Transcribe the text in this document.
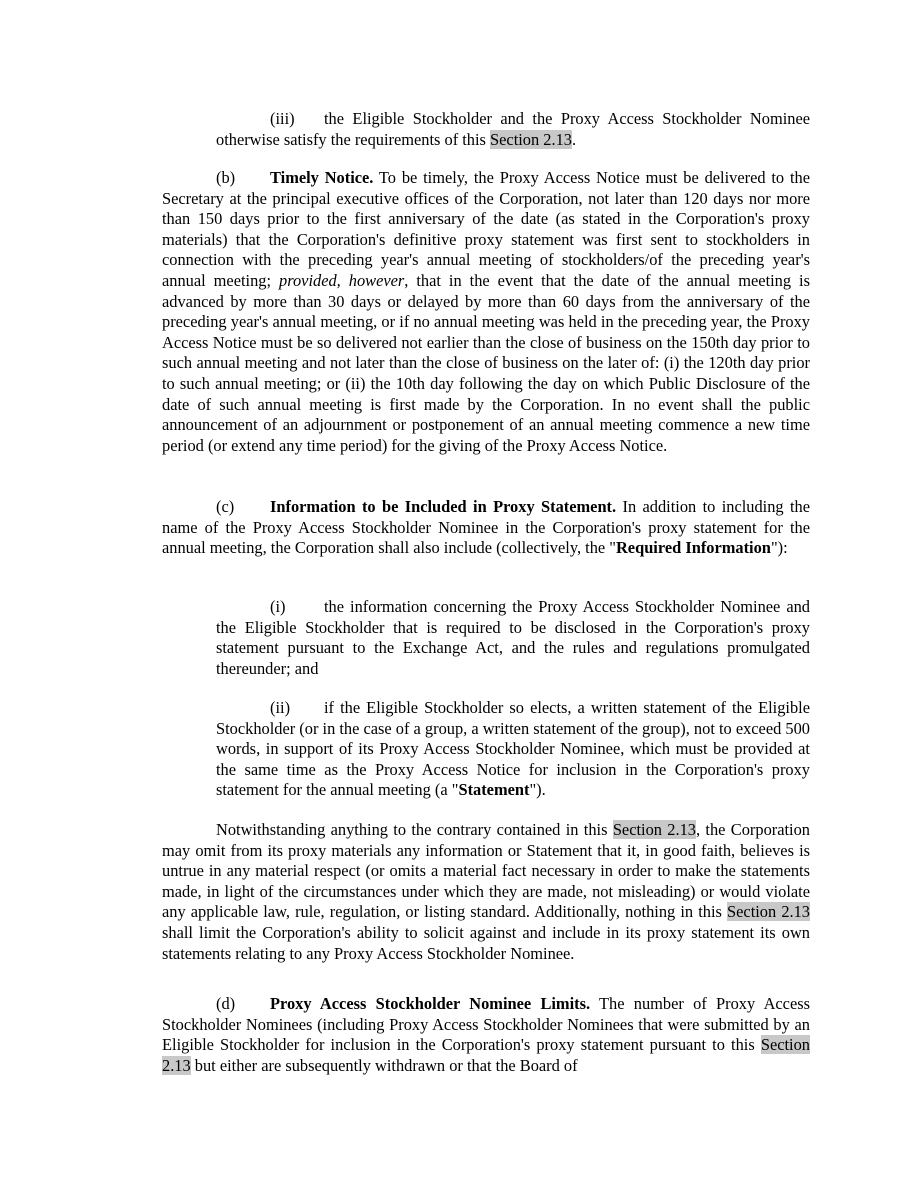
(iii) the Eligible Stockholder and the Proxy Access Stockholder Nominee otherwise satisfy the requirements of this Section 2.13.

(b) Timely Notice. To be timely, the Proxy Access Notice must be delivered to the Secretary at the principal executive offices of the Corporation, not later than 120 days nor more than 150 days prior to the first anniversary of the date (as stated in the Corporation's proxy materials) that the Corporation's definitive proxy statement was first sent to stockholders in connection with the preceding year's annual meeting of stockholders/of the preceding year's annual meeting; provided, however, that in the event that the date of the annual meeting is advanced by more than 30 days or delayed by more than 60 days from the anniversary of the preceding year's annual meeting, or if no annual meeting was held in the preceding year, the Proxy Access Notice must be so delivered not earlier than the close of business on the 150th day prior to such annual meeting and not later than the close of business on the later of: (i) the 120th day prior to such annual meeting; or (ii) the 10th day following the day on which Public Disclosure of the date of such annual meeting is first made by the Corporation. In no event shall the public announcement of an adjournment or postponement of an annual meeting commence a new time period (or extend any time period) for the giving of the Proxy Access Notice.

(c) Information to be Included in Proxy Statement. In addition to including the name of the Proxy Access Stockholder Nominee in the Corporation's proxy statement for the annual meeting, the Corporation shall also include (collectively, the "Required Information"):

(i) the information concerning the Proxy Access Stockholder Nominee and the Eligible Stockholder that is required to be disclosed in the Corporation's proxy statement pursuant to the Exchange Act, and the rules and regulations promulgated thereunder; and

(ii) if the Eligible Stockholder so elects, a written statement of the Eligible Stockholder (or in the case of a group, a written statement of the group), not to exceed 500 words, in support of its Proxy Access Stockholder Nominee, which must be provided at the same time as the Proxy Access Notice for inclusion in the Corporation's proxy statement for the annual meeting (a "Statement").

Notwithstanding anything to the contrary contained in this Section 2.13, the Corporation may omit from its proxy materials any information or Statement that it, in good faith, believes is untrue in any material respect (or omits a material fact necessary in order to make the statements made, in light of the circumstances under which they are made, not misleading) or would violate any applicable law, rule, regulation, or listing standard. Additionally, nothing in this Section 2.13 shall limit the Corporation's ability to solicit against and include in its proxy statement its own statements relating to any Proxy Access Stockholder Nominee.

(d) Proxy Access Stockholder Nominee Limits. The number of Proxy Access Stockholder Nominees (including Proxy Access Stockholder Nominees that were submitted by an Eligible Stockholder for inclusion in the Corporation's proxy statement pursuant to this Section 2.13 but either are subsequently withdrawn or that the Board of
